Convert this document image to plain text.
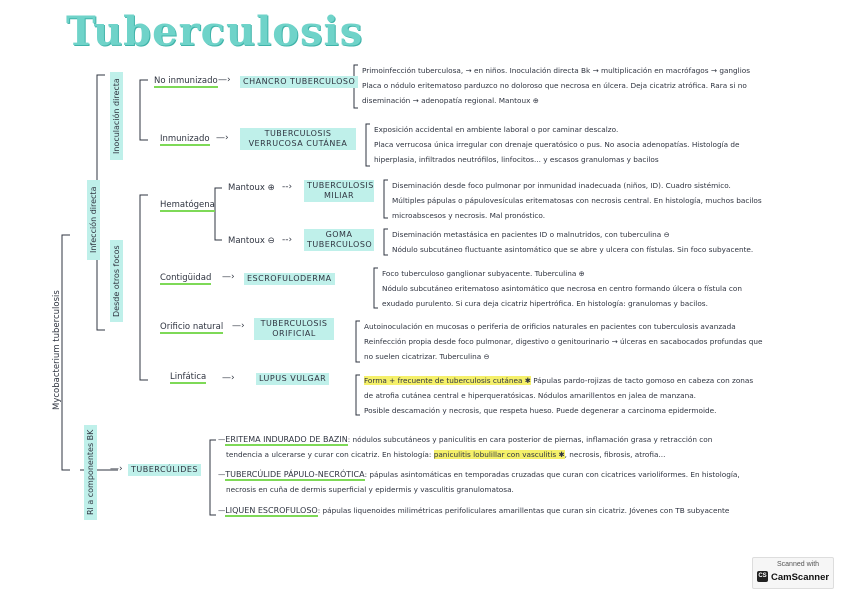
Tuberculosis
Mycobacterium tuberculosis
Infección directa
Inoculación directa
Desde otros focos
Rl a componentes BK
No inmunizado —›	CHANCRO TUBERCULOSO
Primoinfección tuberculosa, → en niños. Inoculación directa Bk → multiplicación en macrófagos → ganglios
Placa o nódulo eritematoso parduzco no doloroso que necrosa en úlcera. Deja cicatriz atrófica. Rara si no
diseminación → adenopatía regional. Mantoux ⊕
Inmunizado —›	TUBERCULOSIS VERRUCOSA CUTÁNEA
Exposición accidental en ambiente laboral o por caminar descalzo.
Placa verrucosa única irregular con drenaje queratósico o pus. No asocia adenopatías. Histología de
hiperplasia, infiltrados neutrófilos, linfocitos... y escasos granulomas y bacilos
Hematógena
Mantoux ⊕ --›	TUBERCULOSIS MILIAR
Diseminación desde foco pulmonar por inmunidad inadecuada (niños, ID). Cuadro sistémico.
Múltiples pápulas o pápulovesículas eritematosas con necrosis central. En histología, muchos bacilos
microabscesos y necrosis. Mal pronóstico.
Mantoux ⊖ --›
GOMA TUBERCULOSO
Diseminación metastásica en pacientes ID o malnutridos, con tuberculina ⊖
Nódulo subcutáneo fluctuante asintomático que se abre y ulcera con fístulas. Sin foco subyacente.
Contigüidad —›	ESCROFULODERMA
Foco tuberculoso ganglionar subyacente. Tuberculina ⊕
Nódulo subcutáneo eritematoso asintomático que necrosa en centro formando úlcera o fístula con
exudado purulento. Si cura deja cicatriz hipertrófica. En histología: granulomas y bacilos.
Orificio natural —›	TUBERCULOSIS ORIFICIAL
Autoinoculación en mucosas o periferia de orificios naturales en pacientes con tuberculosis avanzada
Reinfección propia desde foco pulmonar, digestivo o genitourinario → úlceras en sacabocados profundas que
no suelen cicatrizar. Tuberculina ⊖
Linfática —›	LUPUS VULGAR	Forma + frecuente de tuberculosis cutánea ✱ Pápulas pardo-rojizas de tacto gomoso en cabeza con zonas
de atrofia cutánea central e hiperqueratósicas. Nódulos amarillentos en jalea de manzana.
Posible descamación y necrosis, que respeta hueso. Puede degenerar a carcinoma epidermoide.
—›	TUBERCÚLIDES
—ERITEMA INDURADO DE BAZIN: nódulos subcutáneos y paniculitis en cara posterior de piernas, inflamación grasa y retracción con
tendencia a ulcerarse y curar con cicatriz. En histología: paniculitis lobulillar con vasculitis ✱, necrosis, fibrosis, atrofia...
—TUBERCÚLIDE PÁPULO-NECRÓTICA: pápulas asintomáticas en temporadas cruzadas que curan con cicatrices varioliformes. En histología,
necrosis en cuña de dermis superficial y epidermis y vasculitis granulomatosa.
—LIQUEN ESCROFULOSO: pápulas liquenoides milimétricas perifoliculares amarillentas que curan sin cicatriz. Jóvenes con TB subyacente
CS
Scanned with
CamScanner
